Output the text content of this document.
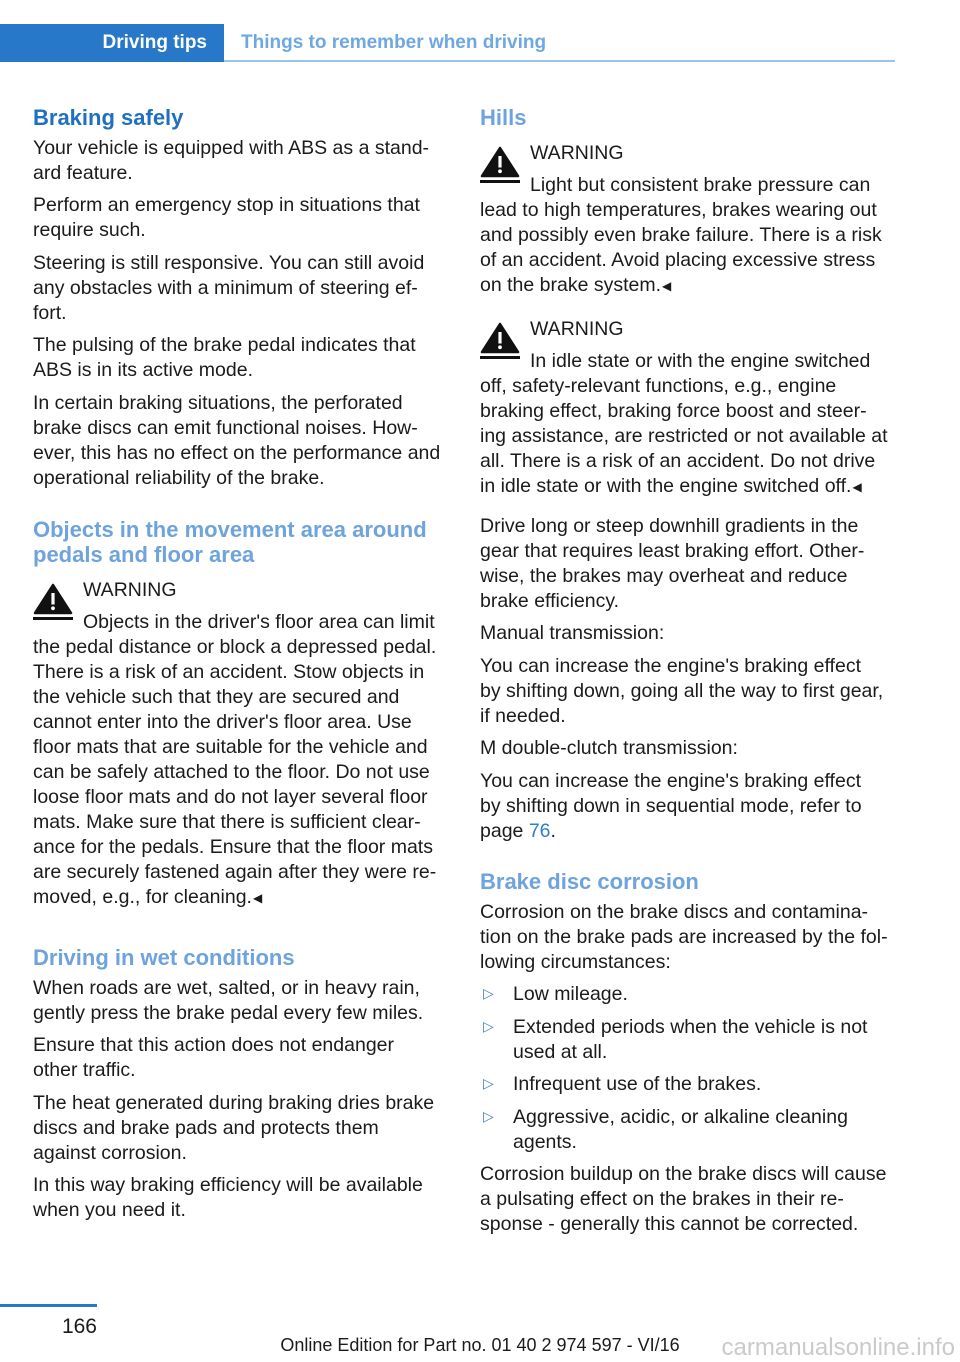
Driving tips	Things to remember when driving
Braking safely
Your vehicle is equipped with ABS as a stand-
ard feature.
Perform an emergency stop in situations that
require such.
Steering is still responsive. You can still avoid
any obstacles with a minimum of steering ef-
fort.
The pulsing of the brake pedal indicates that
ABS is in its active mode.
In certain braking situations, the perforated
brake discs can emit functional noises. How-
ever, this has no effect on the performance and
operational reliability of the brake.
Objects in the movement area around
pedals and floor area
WARNING
Objects in the driver's floor area can limit
the pedal distance or block a depressed pedal.
There is a risk of an accident. Stow objects in
the vehicle such that they are secured and
cannot enter into the driver's floor area. Use
floor mats that are suitable for the vehicle and
can be safely attached to the floor. Do not use
loose floor mats and do not layer several floor
mats. Make sure that there is sufficient clear-
ance for the pedals. Ensure that the floor mats
are securely fastened again after they were re-
moved, e.g., for cleaning.◀
Driving in wet conditions
When roads are wet, salted, or in heavy rain,
gently press the brake pedal every few miles.
Ensure that this action does not endanger
other traffic.
The heat generated during braking dries brake
discs and brake pads and protects them
against corrosion.
In this way braking efficiency will be available
when you need it.
Hills
WARNING
Light but consistent brake pressure can
lead to high temperatures, brakes wearing out
and possibly even brake failure. There is a risk
of an accident. Avoid placing excessive stress
on the brake system.◀
WARNING
In idle state or with the engine switched
off, safety-relevant functions, e.g., engine
braking effect, braking force boost and steer-
ing assistance, are restricted or not available at
all. There is a risk of an accident. Do not drive
in idle state or with the engine switched off.◀
Drive long or steep downhill gradients in the
gear that requires least braking effort. Other-
wise, the brakes may overheat and reduce
brake efficiency.
Manual transmission:
You can increase the engine's braking effect
by shifting down, going all the way to first gear,
if needed.
M double-clutch transmission:
You can increase the engine's braking effect
by shifting down in sequential mode, refer to
page 76.
Brake disc corrosion
Corrosion on the brake discs and contamina-
tion on the brake pads are increased by the fol-
lowing circumstances:
▷ Low mileage.
▷ Extended periods when the vehicle is not
used at all.
▷ Infrequent use of the brakes.
▷ Aggressive, acidic, or alkaline cleaning
agents.
Corrosion buildup on the brake discs will cause
a pulsating effect on the brakes in their re-
sponse - generally this cannot be corrected.
166
Online Edition for Part no. 01 40 2 974 597 - VI/16	carmanualsonline.info
